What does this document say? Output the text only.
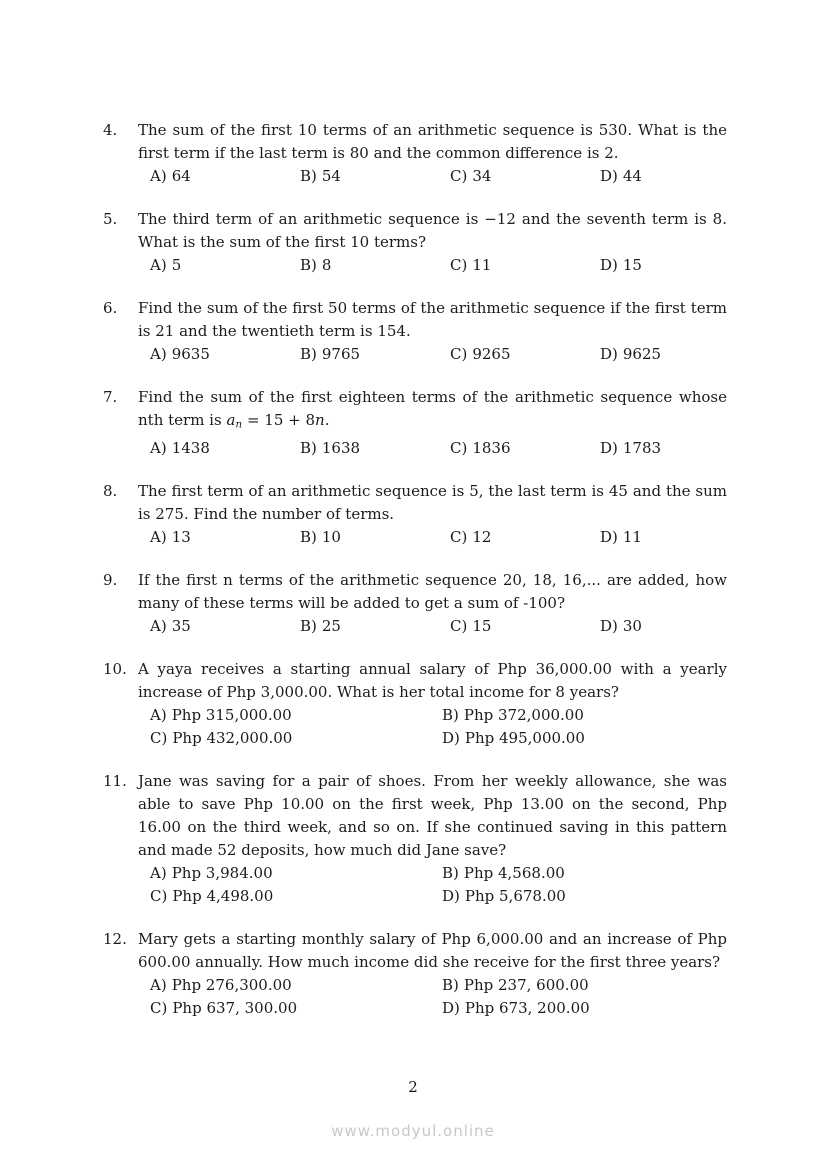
4.	The sum of the first 10 terms of an arithmetic sequence is 530. What is the first term if the last term is 80 and the common difference is 2.

A) 64	B) 54	C) 34	D) 44
5.	The third term of an arithmetic sequence is −12 and the seventh term is 8. What is the sum of the first 10 terms?

A) 5	B) 8	C) 11	D) 15
6.	Find the sum of the first 50 terms of the arithmetic sequence if the first term is 21 and the twentieth term is 154.

A) 9635	B) 9765	C) 9265	D) 9625
7.	Find the sum of the first eighteen terms of the arithmetic sequence whose nth term is an = 15 + 8n.

A) 1438	B) 1638	C) 1836	D) 1783
8.	The first term of an arithmetic sequence is 5, the last term is 45 and the sum is 275. Find the number of terms.

A) 13	B) 10	C) 12	D) 11
9.	If the first n terms of the arithmetic sequence 20, 18, 16,... are added, how many of these terms will be added to get a sum of -100?

A) 35	B) 25	C) 15	D) 30
10. A yaya receives a starting annual salary of Php 36,000.00 with a yearly increase of Php 3,000.00. What is her total income for 8 years?

A) Php 315,000.00	B) Php 372,000.00
C) Php 432,000.00	D) Php 495,000.00
11. Jane was saving for a pair of shoes. From her weekly allowance, she was able to save Php 10.00 on the first week, Php 13.00 on the second, Php 16.00 on the third week, and so on. If she continued saving in this pattern and made 52 deposits, how much did Jane save?

A) Php 3,984.00	B) Php 4,568.00
C) Php 4,498.00	D) Php 5,678.00
12. Mary gets a starting monthly salary of Php 6,000.00 and an increase of Php 600.00 annually. How much income did she receive for the first three years?

A) Php 276,300.00	B) Php 237, 600.00
C) Php 637, 300.00	D) Php 673, 200.00
2
www.modyul.online
